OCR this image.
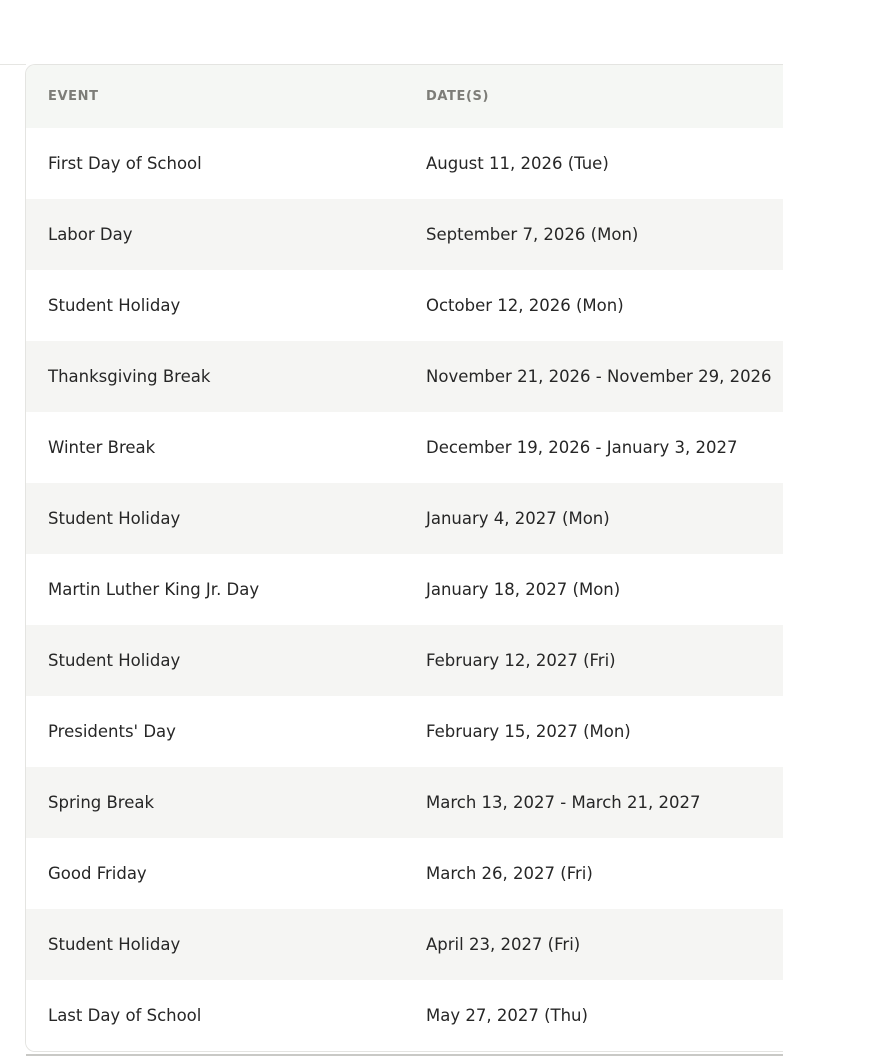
EVENT	DATE(S)
First Day of School	August 11, 2026 (Tue)
Labor Day	September 7, 2026 (Mon)
Student Holiday	October 12, 2026 (Mon)
Thanksgiving Break	November 21, 2026 - November 29, 2026
Winter Break	December 19, 2026 - January 3, 2027
Student Holiday	January 4, 2027 (Mon)
Martin Luther King Jr. Day	January 18, 2027 (Mon)
Student Holiday	February 12, 2027 (Fri)
Presidents' Day	February 15, 2027 (Mon)
Spring Break	March 13, 2027 - March 21, 2027
Good Friday	March 26, 2027 (Fri)
Student Holiday	April 23, 2027 (Fri)
Last Day of School	May 27, 2027 (Thu)
